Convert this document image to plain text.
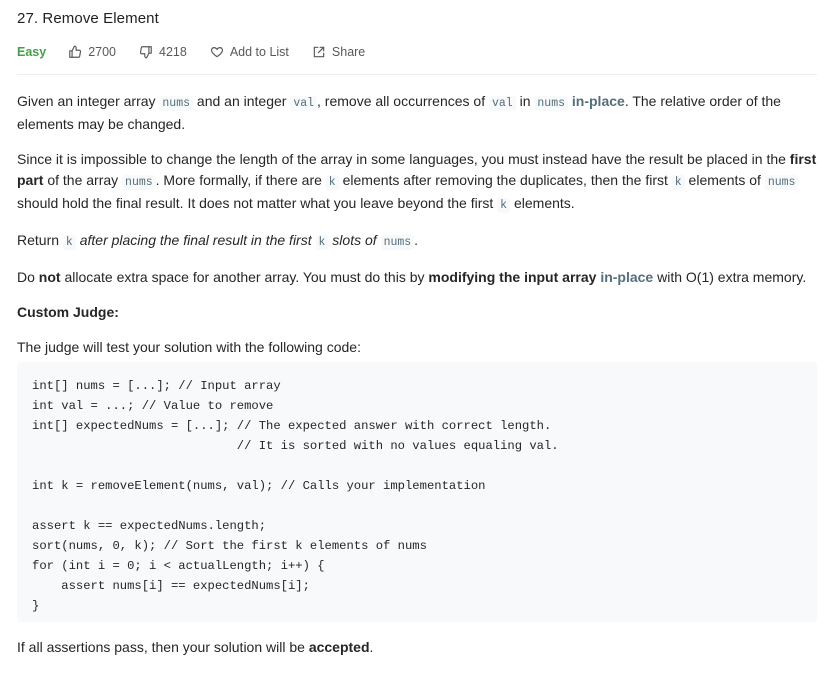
27. Remove Element
Easy	2700	4218	Add to List	Share

Given an integer array nums and an integer val , remove all occurrences of val in nums in-place. The relative order of the elements may be changed.

Since it is impossible to change the length of the array in some languages, you must instead have the result be placed in the first part of the array nums . More formally, if there are k elements after removing the duplicates, then the first k elements of nums should hold the final result. It does not matter what you leave beyond the first k elements.

Return k after placing the final result in the first k slots of nums .

Do not allocate extra space for another array. You must do this by modifying the input array in-place with O(1) extra memory.

Custom Judge:

The judge will test your solution with the following code:

int[] nums = [...]; // Input array
int val = ...; // Value to remove
int[] expectedNums = [...]; // The expected answer with correct length.
// It is sorted with no values equaling val.

int k = removeElement(nums, val); // Calls your implementation

assert k == expectedNums.length;
sort(nums, 0, k); // Sort the first k elements of nums
for (int i = 0; i < actualLength; i++) {
assert nums[i] == expectedNums[i];
}

If all assertions pass, then your solution will be accepted.
